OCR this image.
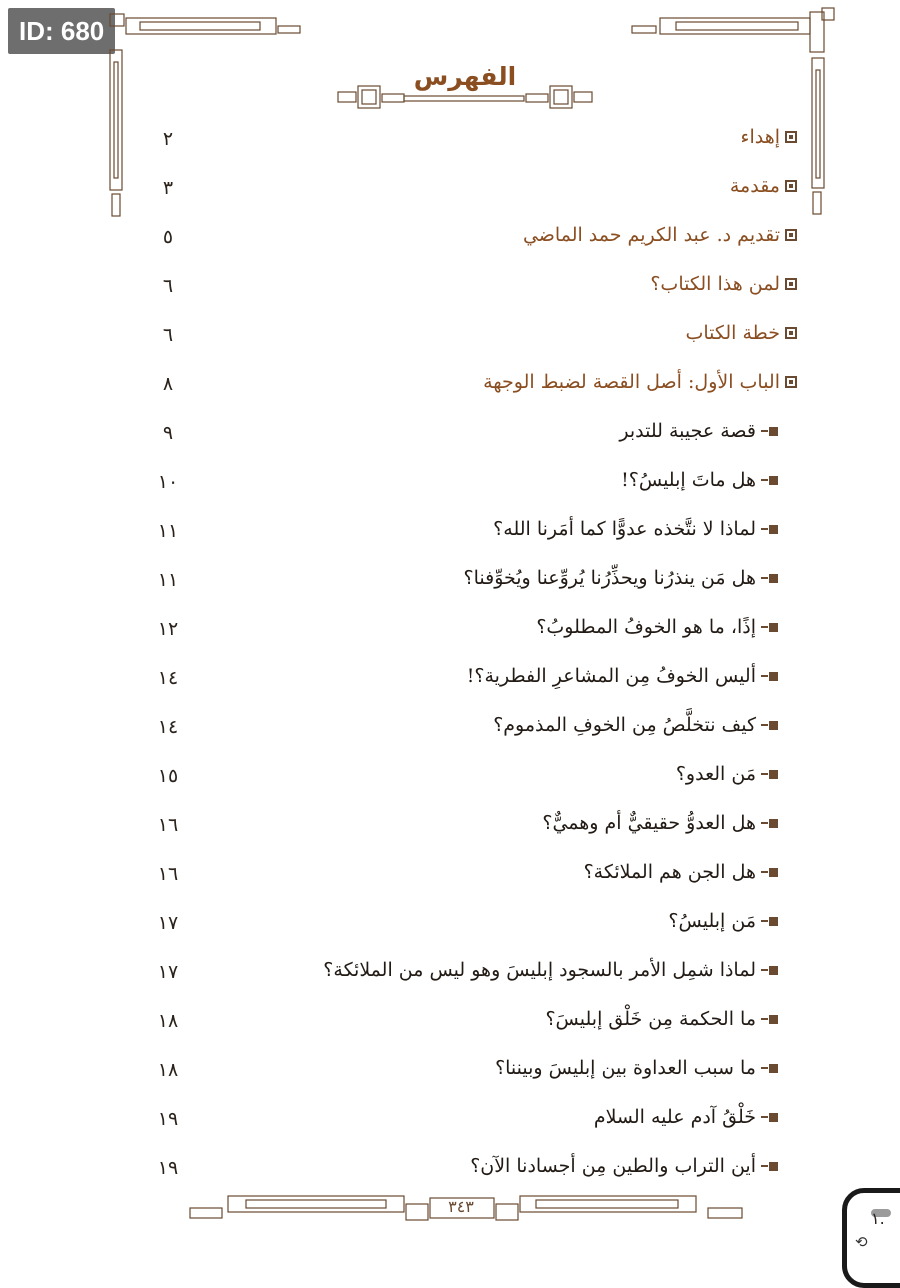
ID: 680
الفهرس
إهداء
٢
مقدمة
٣
تقديم د. عبد الكريم حمد الماضي
٥
لمن هذا الكتاب؟
٦
خطة الكتاب
٦
الباب الأول: أصل القصة لضبط الوجهة
٨
قصة عجيبة للتدبر
٩
هل ماتَ إبليسُ؟!
١٠
لماذا لا نتَّخذه عدوًّا كما أمَرنا الله؟
١١
هل مَن ينذرُنا ويحذِّرُنا يُروِّعنا ويُخوِّفنا؟
١١
إذًا، ما هو الخوفُ المطلوبُ؟
١٢
أليس الخوفُ مِن المشاعرِ الفطرية؟!
١٤
كيف نتخلَّصُ مِن الخوفِ المذموم؟
١٤
مَن العدو؟
١٥
هل العدوُّ حقيقيٌّ أم وهميٌّ؟
١٦
هل الجن هم الملائكة؟
١٦
مَن إبليسُ؟
١٧
لماذا شمِل الأمر بالسجود إبليسَ وهو ليس من الملائكة؟
١٧
ما الحكمة مِن خَلْق إبليسَ؟
١٨
ما سبب العداوة بين إبليسَ وبيننا؟
١٨
خَلْقُ آدم عليه السلام
١٩
أين التراب والطين مِن أجسادنا الآن؟
١٩
٣٤٣
١.
⟲
